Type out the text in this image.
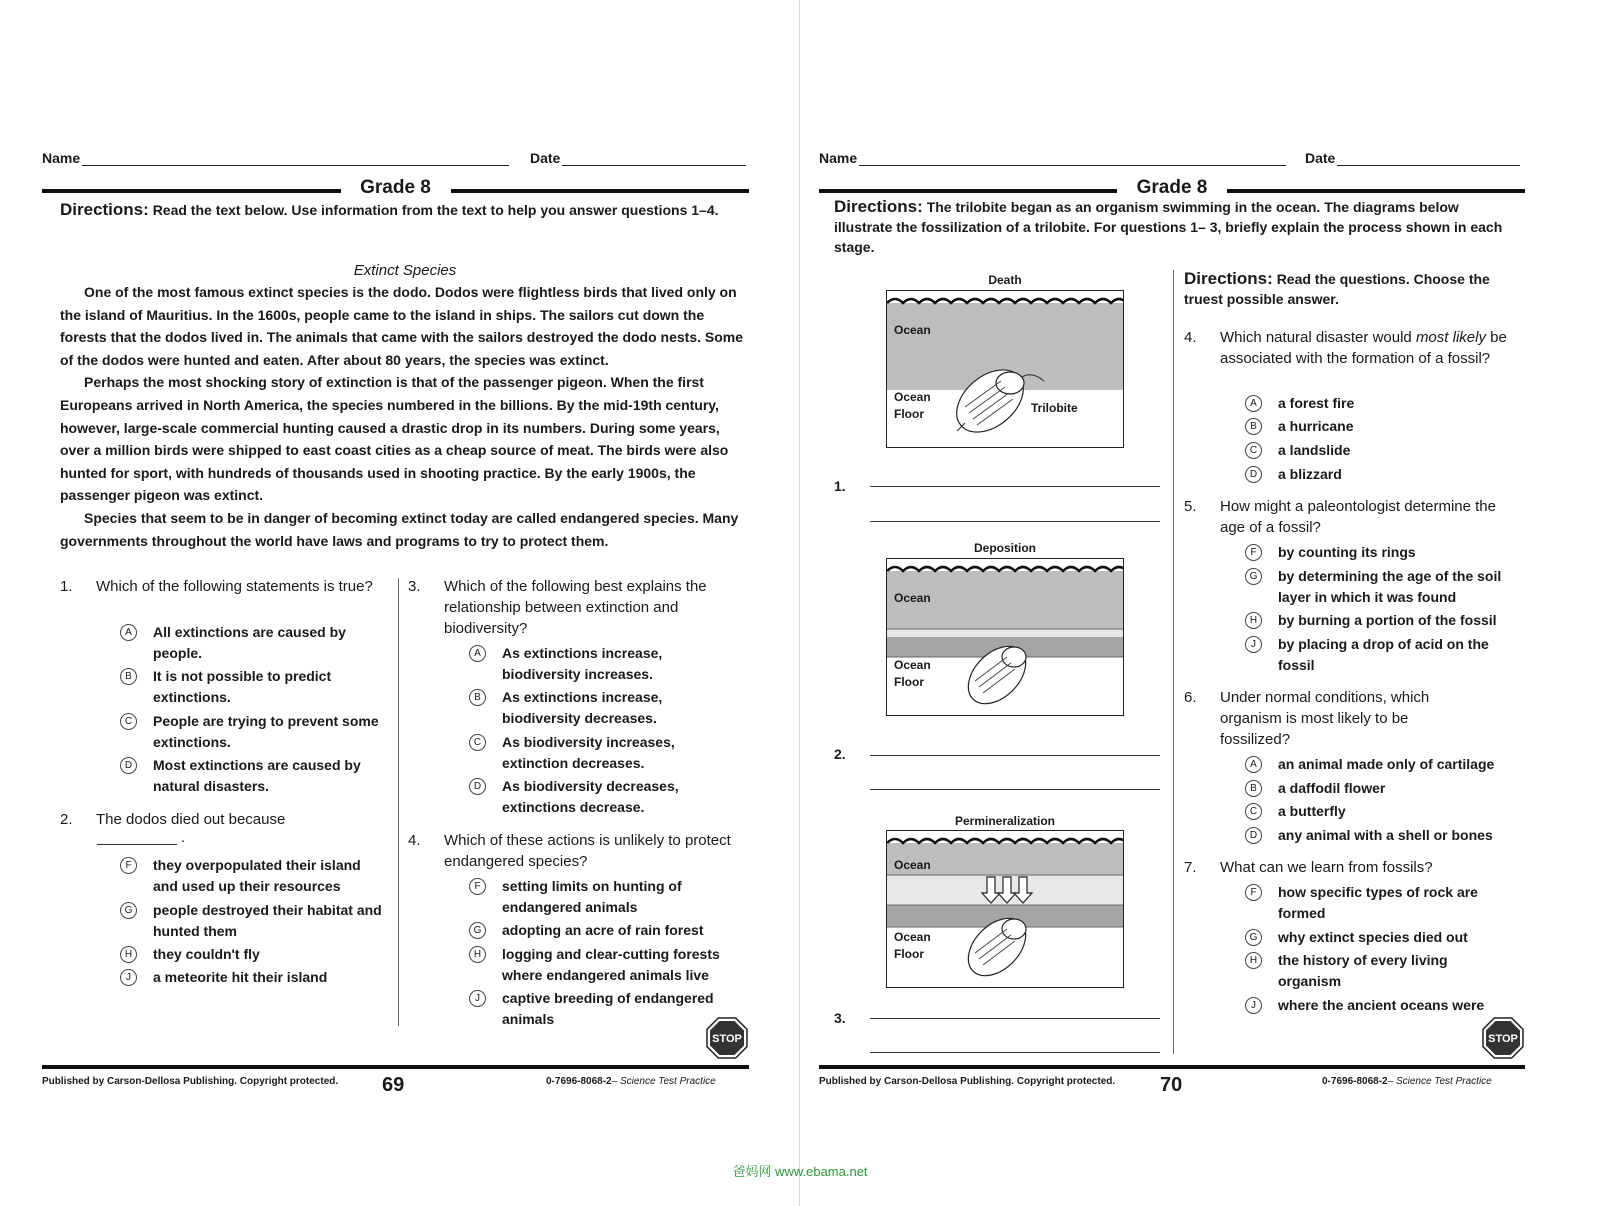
Name	Date
Grade 8
Directions: Read the text below. Use information from the text to help you answer questions 1–4.
Extinct Species

One of the most famous extinct species is the dodo. Dodos were flightless birds that lived only on the island of Mauritius. In the 1600s, people came to the island in ships. The sailors cut down the forests that the dodos lived in. The animals that came with the sailors destroyed the dodo nests. Some of the dodos were hunted and eaten. After about 80 years, the species was extinct.

Perhaps the most shocking story of extinction is that of the passenger pigeon. When the first Europeans arrived in North America, the species numbered in the billions. By the mid-19th century, however, large-scale commercial hunting caused a drastic drop in its numbers. During some years, over a million birds were shipped to east coast cities as a cheap source of meat. The birds were also hunted for sport, with hundreds of thousands used in shooting practice. By the early 1900s, the passenger pigeon was extinct.

Species that seem to be in danger of becoming extinct today are called endangered species. Many governments throughout the world have laws and programs to try to protect them.

1. Which of the following statements is true?
A	All extinctions are caused by people.
B	It is not possible to predict extinctions.
C	People are trying to prevent some extinctions.
D	Most extinctions are caused by natural disasters.
2. The dodos died out because
.
F	they overpopulated their island and used up their resources
G	people destroyed their habitat and hunted them
H	they couldn't fly
J	a meteorite hit their island
3. Which of the following best explains the relationship between extinction and biodiversity?
A	As extinctions increase, biodiversity increases.
B	As extinctions increase, biodiversity decreases.
C	As biodiversity increases, extinction decreases.
D	As biodiversity decreases, extinctions decrease.
4. Which of these actions is unlikely to protect endangered species?
F	setting limits on hunting of endangered animals
G	adopting an acre of rain forest
H	logging and clear-cutting forests where endangered animals live
J	captive breeding of endangered animals
STOP
Published by Carson-Dellosa Publishing. Copyright protected. 69	0-7696-8068-2– Science Test Practice
Name	Date
Grade 8
Directions: The trilobite began as an organism swimming in the ocean. The diagrams below illustrate the fossilization of a trilobite. For questions 1– 3, briefly explain the process shown in each stage.
Death
Ocean
Ocean
Floor	Trilobite
1.
Deposition
Ocean
Ocean
Floor
2.
Permineralization
Ocean
Ocean
Floor
3.
Directions: Read the questions. Choose the truest possible answer.
4. Which natural disaster would most likely be associated with the formation of a fossil?
A	a forest fire
B	a hurricane
C	a landslide
D	a blizzard
5. How might a paleontologist determine the age of a fossil?
F	by counting its rings
G	by determining the age of the soil layer in which it was found
H	by burning a portion of the fossil
J	by placing a drop of acid on the fossil
6. Under normal conditions, which organism is most likely to be fossilized?
A	an animal made only of cartilage
B	a daffodil flower
C	a butterfly
D	any animal with a shell or bones
7. What can we learn from fossils?
F	how specific types of rock are formed
G	why extinct species died out
H	the history of every living organism
J	where the ancient oceans were
STOP
Published by Carson-Dellosa Publishing. Copyright protected. 70	0-7696-8068-2– Science Test Practice
爸妈网 www.ebama.net
